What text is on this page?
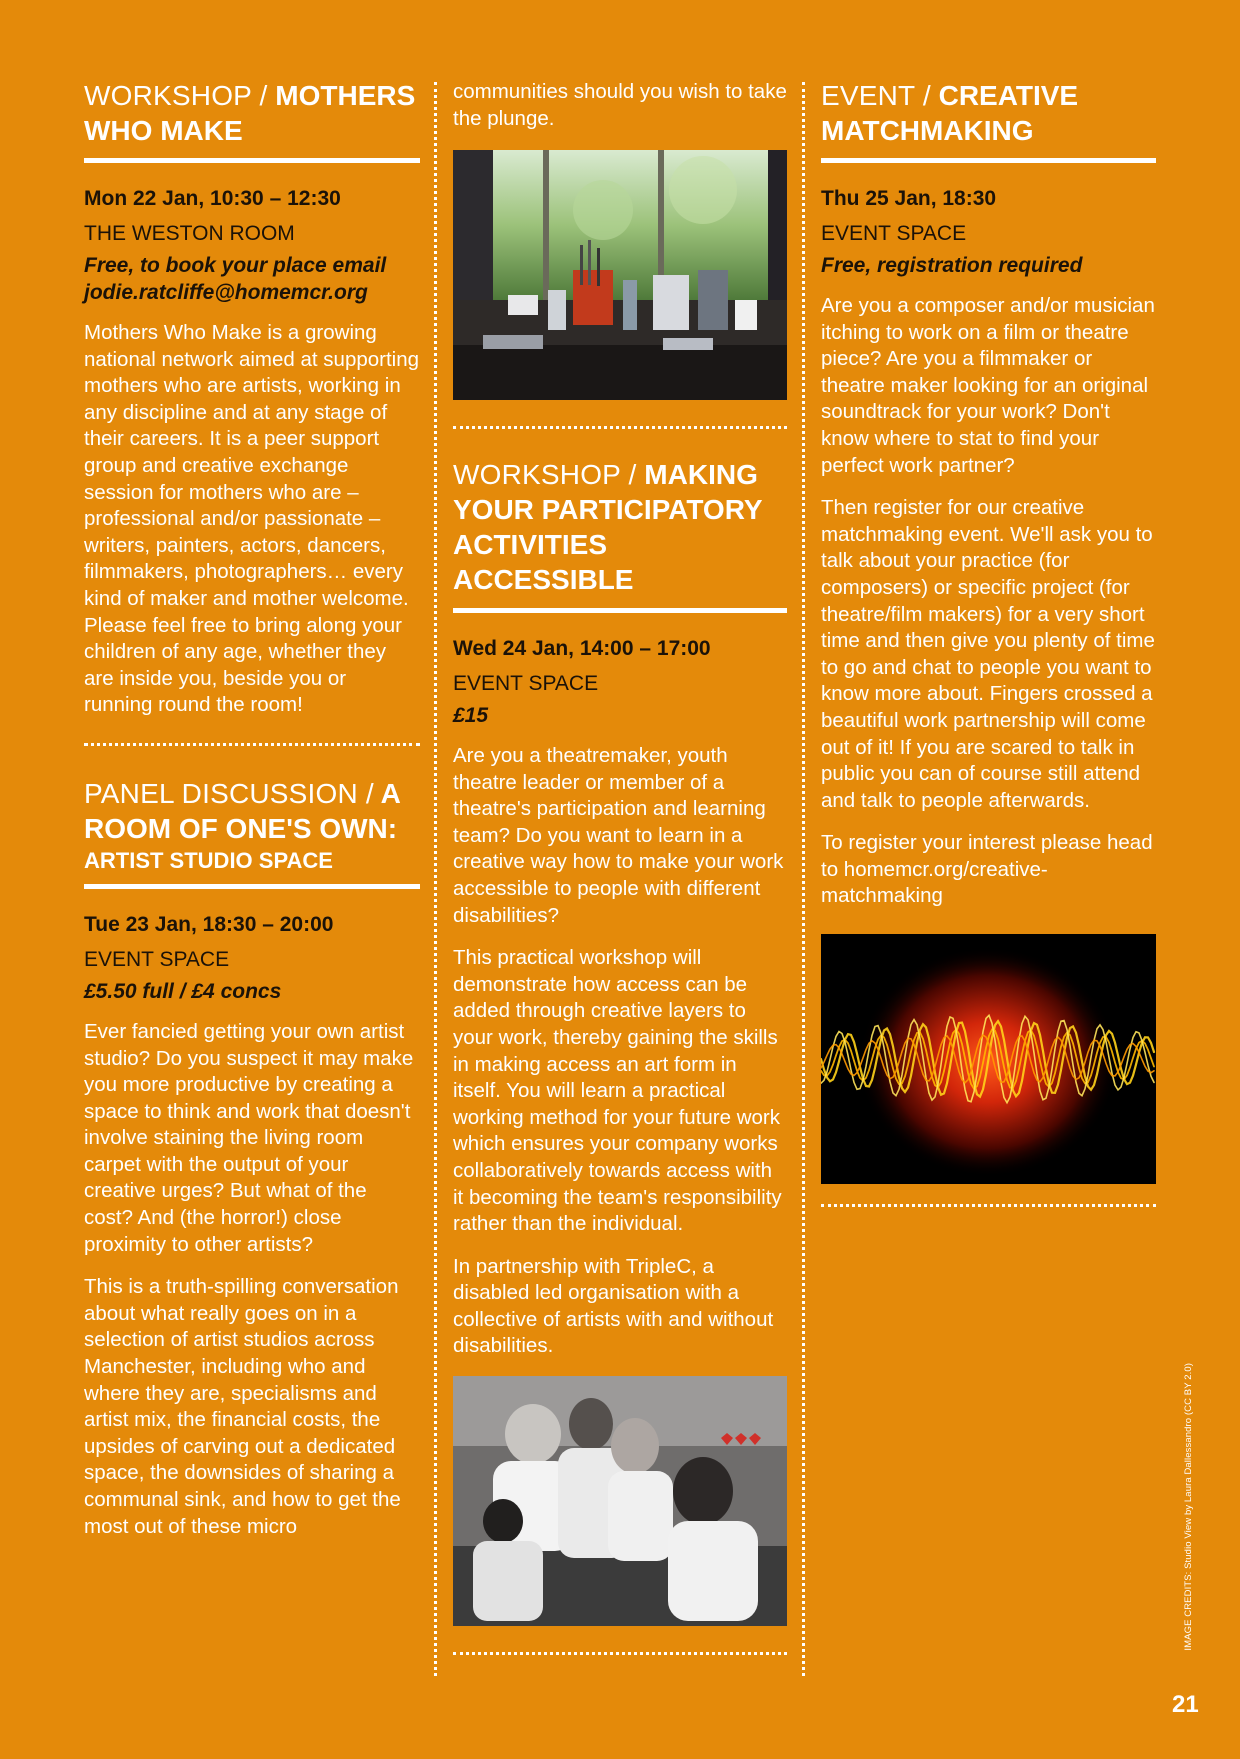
WORKSHOP / MOTHERS
WHO MAKE

Mon 22 Jan, 10:30 – 12:30

THE WESTON ROOM

Free, to book your place email
jodie.ratcliffe@homemcr.org

Mothers Who Make is a growing national network aimed at supporting mothers who are artists, working in any discipline and at any stage of their careers. It is a peer support group and creative exchange session for mothers who are – professional and/or passionate – writers, painters, actors, dancers, filmmakers, photographers… every kind of maker and mother welcome. Please feel free to bring along your children of any age, whether they are inside you, beside you or running round the room!

PANEL DISCUSSION / A
ROOM OF ONE'S OWN:

ARTIST STUDIO SPACE

Tue 23 Jan, 18:30 – 20:00

EVENT SPACE

£5.50 full / £4 concs

Ever fancied getting your own artist studio? Do you suspect it may make you more productive by creating a space to think and work that doesn't involve staining the living room carpet with the output of your creative urges? But what of the cost? And (the horror!) close proximity to other artists?

This is a truth-spilling conversation about what really goes on in a selection of artist studios across Manchester, including who and where they are, specialisms and artist mix, the financial costs, the upsides of carving out a dedicated space, the downsides of sharing a communal sink, and how to get the most out of these micro

communities should you wish to take the plunge.

WORKSHOP / MAKING
YOUR PARTICIPATORY
ACTIVITIES ACCESSIBLE

Wed 24 Jan, 14:00 – 17:00

EVENT SPACE

£15

Are you a theatremaker, youth theatre leader or member of a theatre's participation and learning team? Do you want to learn in a creative way how to make your work accessible to people with different disabilities?

This practical workshop will demonstrate how access can be added through creative layers to your work, thereby gaining the skills in making access an art form in itself. You will learn a practical working method for your future work which ensures your company works collaboratively towards access with it becoming the team's responsibility rather than the individual.

In partnership with TripleC, a disabled led organisation with a collective of artists with and without disabilities.

EVENT / CREATIVE
MATCHMAKING

Thu 25 Jan, 18:30

EVENT SPACE

Free, registration required

Are you a composer and/or musician itching to work on a film or theatre piece? Are you a filmmaker or theatre maker looking for an original soundtrack for your work? Don't know where to stat to find your perfect work partner?

Then register for our creative matchmaking event. We'll ask you to talk about your practice (for composers) or specific project (for theatre/film makers) for a very short time and then give you plenty of time to go and chat to people you want to know more about. Fingers crossed a beautiful work partnership will come out of it! If you are scared to talk in public you can of course still attend and talk to people afterwards.

To register your interest please head to homemcr.org/creative-matchmaking

IMAGE CREDITS: Studio View by Laura Dallessandro (CC BY 2.0)
21
